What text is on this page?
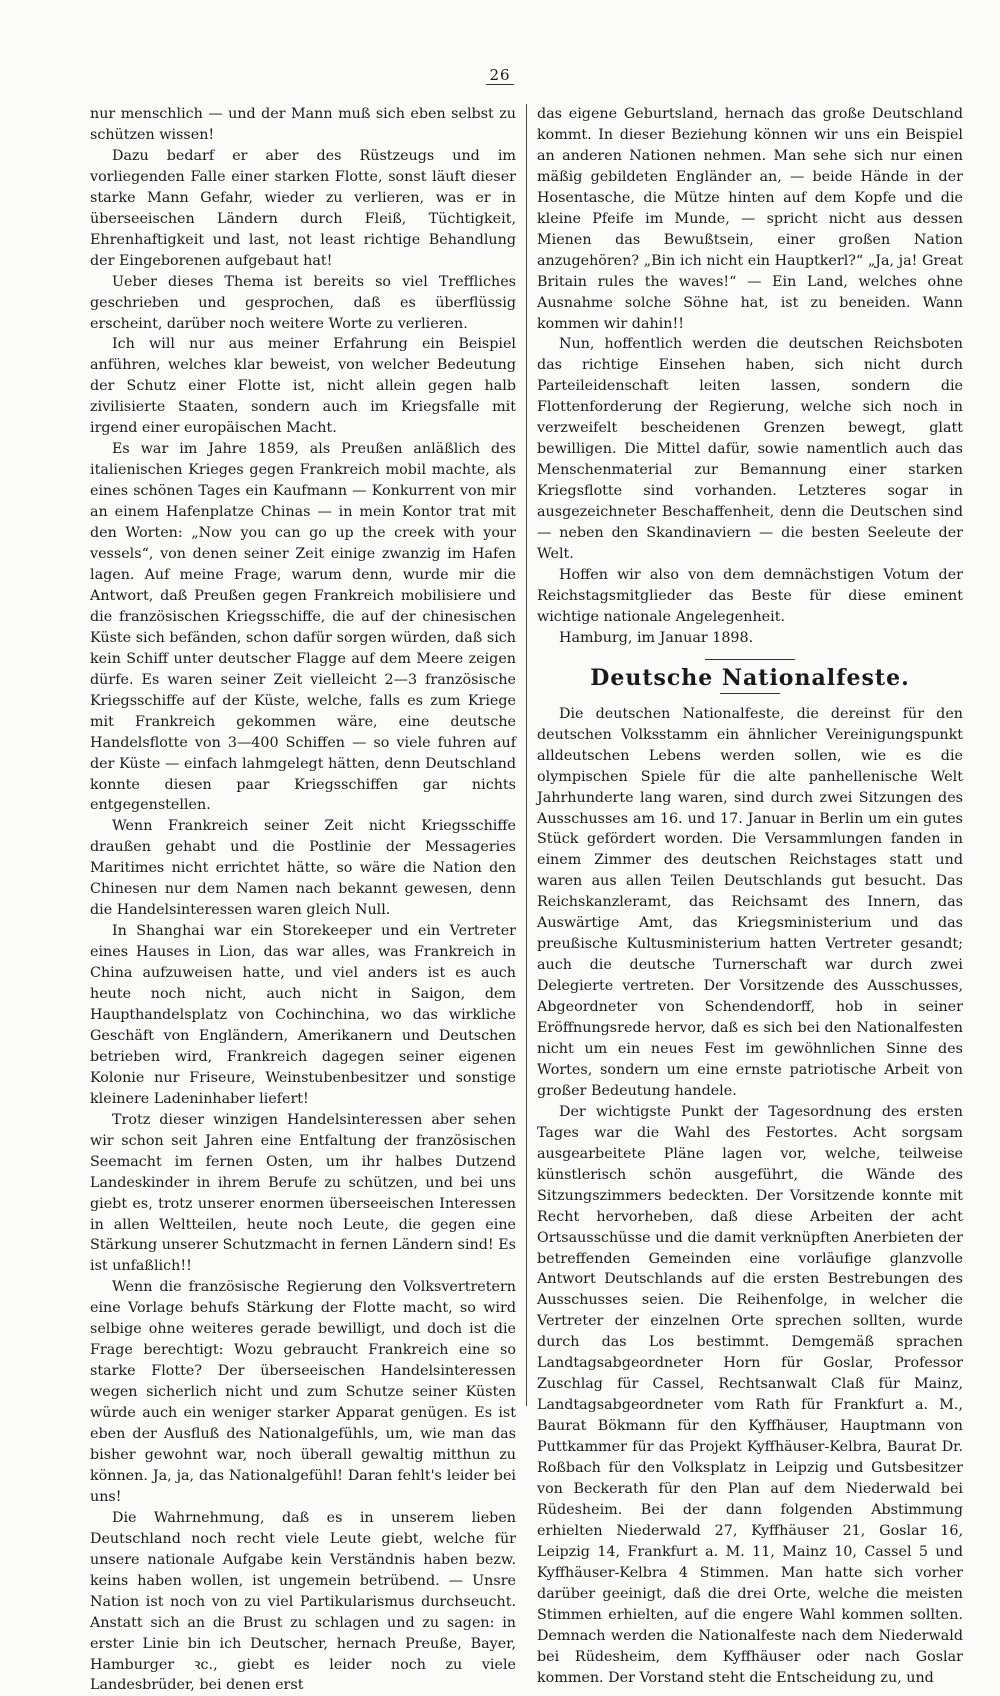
26

nur menschlich — und der Mann muß sich eben selbst zu schützen wissen!

Dazu bedarf er aber des Rüstzeugs und im vorliegenden Falle einer starken Flotte, sonst läuft dieser starke Mann Gefahr, wieder zu verlieren, was er in überseeischen Ländern durch Fleiß, Tüchtigkeit, Ehrenhaftigkeit und last, not least richtige Behandlung der Eingeborenen aufgebaut hat!

Ueber dieses Thema ist bereits so viel Treffliches geschrieben und gesprochen, daß es überflüssig erscheint, darüber noch weitere Worte zu verlieren.

Ich will nur aus meiner Erfahrung ein Beispiel anführen, welches klar beweist, von welcher Bedeutung der Schutz einer Flotte ist, nicht allein gegen halb zivilisierte Staaten, sondern auch im Kriegsfalle mit irgend einer europäischen Macht.

Es war im Jahre 1859, als Preußen anläßlich des italienischen Krieges gegen Frankreich mobil machte, als eines schönen Tages ein Kaufmann — Konkurrent von mir an einem Hafenplatze Chinas — in mein Kontor trat mit den Worten: „Now you can go up the creek with your vessels“, von denen seiner Zeit einige zwanzig im Hafen lagen. Auf meine Frage, warum denn, wurde mir die Antwort, daß Preußen gegen Frankreich mobilisiere und die französischen Kriegsschiffe, die auf der chinesischen Küste sich befänden, schon dafür sorgen würden, daß sich kein Schiff unter deutscher Flagge auf dem Meere zeigen dürfe. Es waren seiner Zeit vielleicht 2—3 französische Kriegsschiffe auf der Küste, welche, falls es zum Kriege mit Frankreich gekommen wäre, eine deutsche Handelsflotte von 3—400 Schiffen — so viele fuhren auf der Küste — einfach lahmgelegt hätten, denn Deutschland konnte diesen paar Kriegsschiffen gar nichts entgegenstellen.

Wenn Frankreich seiner Zeit nicht Kriegsschiffe draußen gehabt und die Postlinie der Messageries Maritimes nicht errichtet hätte, so wäre die Nation den Chinesen nur dem Namen nach bekannt gewesen, denn die Handelsinteressen waren gleich Null.

In Shanghai war ein Storekeeper und ein Vertreter eines Hauses in Lion, das war alles, was Frankreich in China aufzuweisen hatte, und viel anders ist es auch heute noch nicht, auch nicht in Saigon, dem Haupthandelsplatz von Cochinchina, wo das wirkliche Geschäft von Engländern, Amerikanern und Deutschen betrieben wird, Frankreich dagegen seiner eigenen Kolonie nur Friseure, Weinstubenbesitzer und sonstige kleinere Ladeninhaber liefert!

Trotz dieser winzigen Handelsinteressen aber sehen wir schon seit Jahren eine Entfaltung der französischen Seemacht im fernen Osten, um ihr halbes Dutzend Landeskinder in ihrem Berufe zu schützen, und bei uns giebt es, trotz unserer enormen überseeischen Interessen in allen Weltteilen, heute noch Leute, die gegen eine Stärkung unserer Schutzmacht in fernen Ländern sind! Es ist unfaßlich!!

Wenn die französische Regierung den Volksvertretern eine Vorlage behufs Stärkung der Flotte macht, so wird selbige ohne weiteres gerade bewilligt, und doch ist die Frage berechtigt: Wozu gebraucht Frankreich eine so starke Flotte? Der überseeischen Handelsinteressen wegen sicherlich nicht und zum Schutze seiner Küsten würde auch ein weniger starker Apparat genügen. Es ist eben der Ausfluß des Nationalgefühls, um, wie man das bisher gewohnt war, noch überall gewaltig mitthun zu können. Ja, ja, das Nationalgefühl! Daran fehlt's leider bei uns!

Die Wahrnehmung, daß es in unserem lieben Deutschland noch recht viele Leute giebt, welche für unsere nationale Aufgabe kein Verständnis haben bezw. keins haben wollen, ist ungemein betrübend. — Unsre Nation ist noch von zu viel Partikularismus durchseucht. Anstatt sich an die Brust zu schlagen und zu sagen: in erster Linie bin ich Deutscher, hernach Preuße, Bayer, Hamburger ꝛc., giebt es leider noch zu viele Landesbrüder, bei denen erst

das eigene Geburtsland, hernach das große Deutschland kommt. In dieser Beziehung können wir uns ein Beispiel an anderen Nationen nehmen. Man sehe sich nur einen mäßig gebildeten Engländer an, — beide Hände in der Hosentasche, die Mütze hinten auf dem Kopfe und die kleine Pfeife im Munde, — spricht nicht aus dessen Mienen das Bewußtsein, einer großen Nation anzugehören? „Bin ich nicht ein Hauptkerl?“ „Ja, ja! Great Britain rules the waves!“ — Ein Land, welches ohne Ausnahme solche Söhne hat, ist zu beneiden. Wann kommen wir dahin!!

Nun, hoffentlich werden die deutschen Reichsboten das richtige Einsehen haben, sich nicht durch Parteileidenschaft leiten lassen, sondern die Flottenforderung der Regierung, welche sich noch in verzweifelt bescheidenen Grenzen bewegt, glatt bewilligen. Die Mittel dafür, sowie namentlich auch das Menschenmaterial zur Bemannung einer starken Kriegsflotte sind vorhanden. Letzteres sogar in ausgezeichneter Beschaffenheit, denn die Deutschen sind — neben den Skandinaviern — die besten Seeleute der Welt.

Hoffen wir also von dem demnächstigen Votum der Reichstagsmitglieder das Beste für diese eminent wichtige nationale Angelegenheit.

Hamburg, im Januar 1898.

Deutsche Nationalfeste.

Die deutschen Nationalfeste, die dereinst für den deutschen Volksstamm ein ähnlicher Vereinigungspunkt alldeutschen Lebens werden sollen, wie es die olympischen Spiele für die alte panhellenische Welt Jahrhunderte lang waren, sind durch zwei Sitzungen des Ausschusses am 16. und 17. Januar in Berlin um ein gutes Stück gefördert worden. Die Versammlungen fanden in einem Zimmer des deutschen Reichstages statt und waren aus allen Teilen Deutschlands gut besucht. Das Reichskanzleramt, das Reichsamt des Innern, das Auswärtige Amt, das Kriegsministerium und das preußische Kultusministerium hatten Vertreter gesandt; auch die deutsche Turnerschaft war durch zwei Delegierte vertreten. Der Vorsitzende des Ausschusses, Abgeordneter von Schendendorff, hob in seiner Eröffnungsrede hervor, daß es sich bei den Nationalfesten nicht um ein neues Fest im gewöhnlichen Sinne des Wortes, sondern um eine ernste patriotische Arbeit von großer Bedeutung handele.

Der wichtigste Punkt der Tagesordnung des ersten Tages war die Wahl des Festortes. Acht sorgsam ausgearbeitete Pläne lagen vor, welche, teilweise künstlerisch schön ausgeführt, die Wände des Sitzungszimmers bedeckten. Der Vorsitzende konnte mit Recht hervorheben, daß diese Arbeiten der acht Ortsausschüsse und die damit verknüpften Anerbieten der betreffenden Gemeinden eine vorläufige glanzvolle Antwort Deutschlands auf die ersten Bestrebungen des Ausschusses seien. Die Reihenfolge, in welcher die Vertreter der einzelnen Orte sprechen sollten, wurde durch das Los bestimmt. Demgemäß sprachen Landtagsabgeordneter Horn für Goslar, Professor Zuschlag für Cassel, Rechtsanwalt Claß für Mainz, Landtagsabgeordneter vom Rath für Frankfurt a. M., Baurat Bökmann für den Kyffhäuser, Hauptmann von Puttkammer für das Projekt Kyffhäuser-Kelbra, Baurat Dr. Roßbach für den Volksplatz in Leipzig und Gutsbesitzer von Beckerath für den Plan auf dem Niederwald bei Rüdesheim. Bei der dann folgenden Abstimmung erhielten Niederwald 27, Kyffhäuser 21, Goslar 16, Leipzig 14, Frankfurt a. M. 11, Mainz 10, Cassel 5 und Kyffhäuser-Kelbra 4 Stimmen. Man hatte sich vorher darüber geeinigt, daß die drei Orte, welche die meisten Stimmen erhielten, auf die engere Wahl kommen sollten. Demnach werden die Nationalfeste nach dem Niederwald bei Rüdesheim, dem Kyffhäuser oder nach Goslar kommen. Der Vorstand steht die Entscheidung zu, und
